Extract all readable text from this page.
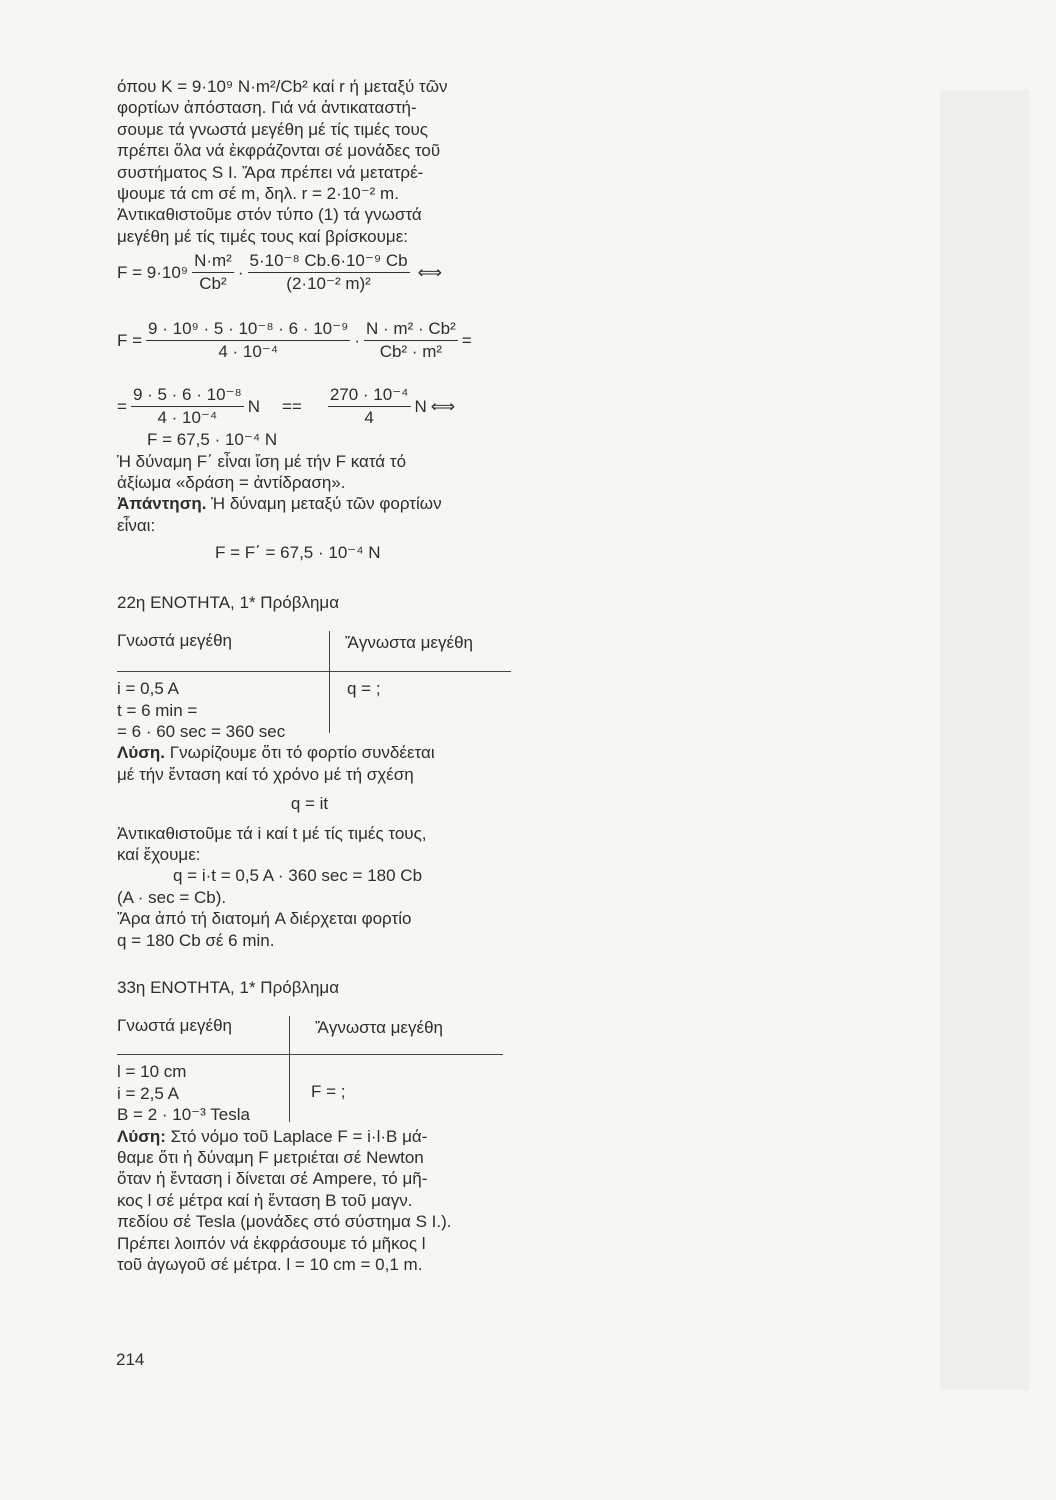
όπου K = 9·10⁹ N·m²/Cb² καί r ή μεταξύ τῶν
φορτίων ἀπόσταση. Γιά νά ἀντικαταστή-
σουμε τά γνωστά μεγέθη μέ τίς τιμές τους
πρέπει ὅλα νά ἐκφράζονται σέ μονάδες τοῦ
συστήματος S I. Ἄρα πρέπει νά μετατρέ-
ψουμε τά cm σέ m, δηλ. r = 2·10⁻² m.
Ἀντικαθιστοῦμε στόν τύπο (1) τά γνωστά
μεγέθη μέ τίς τιμές τους καί βρίσκουμε:
$F = 9\cdot 10^9 \frac{\text{N·m²}}{\text{Cb²}} \cdot \frac{\text{5·10⁻⁸ Cb.6·10⁻⁹ Cb}}{\text{(2·10⁻² m)²}}$ ⟺
$F = \frac{\text{9 · 10⁹ · 5 · 10⁻⁸ · 6 · 10⁻⁹}}{\text{4 · 10⁻⁴}} \cdot \frac{\text{N · m² · Cb²}}{\text{Cb² · m²}}$ =
= $\frac{\text{9 · 5 · 6 · 10⁻⁸}}{\text{4 · 10⁻⁴}}$ $N == \frac{\text{270 · 10⁻⁴}}{4}$ N ⟺
F = 67,5 · 10⁻⁴ N
Ἡ δύναμη F΄ εἶναι ἴση μέ τήν F κατά τό
ἀξίωμα «δράση = ἀντίδραση».
Ἀπάντηση. Ἡ δύναμη μεταξύ τῶν φορτίων
εἶναι:
F = F΄ = 67,5 · 10⁻⁴ N
22η ΕΝΟΤΗΤΑ, 1* Πρόβλημα
Γνωστά μεγέθη	Ἄγνωστα μεγέθη
i = 0,5 A
t = 6 min =
= 6 · 60 sec = 360 sec
q = ;
Λύση. Γνωρίζουμε ὅτι τό φορτίο συνδέεται
μέ τήν ἔνταση καί τό χρόνο μέ τή σχέση
q = it
Ἀντικαθιστοῦμε τά i καί t μέ τίς τιμές τους,
καί ἔχουμε:
q = i·t = 0,5 A · 360 sec = 180 Cb
(A · sec = Cb).
Ἄρα ἀπό τή διατομή A διέρχεται φορτίο
q = 180 Cb σέ 6 min.
33η ΕΝΟΤΗΤΑ, 1* Πρόβλημα
Γνωστά μεγέθη	Ἄγνωστα μεγέθη
l = 10 cm
i = 2,5 A
B = 2 · 10⁻³ Tesla
F = ;
Λύση: Στό νόμο τοῦ Laplace F = i·l·B μά-
θαμε ὅτι ἡ δύναμη F μετριέται σέ Newton
ὅταν ἡ ἔνταση i δίνεται σέ Ampere, τό μῆ-
κος l σέ μέτρα καί ἡ ἔνταση B τοῦ μαγν.
πεδίου σέ Tesla (μονάδες στό σύστημα S I.).
Πρέπει λοιπόν νά ἐκφράσουμε τό μῆκος l
τοῦ ἀγωγοῦ σέ μέτρα. l = 10 cm = 0,1 m.
214
